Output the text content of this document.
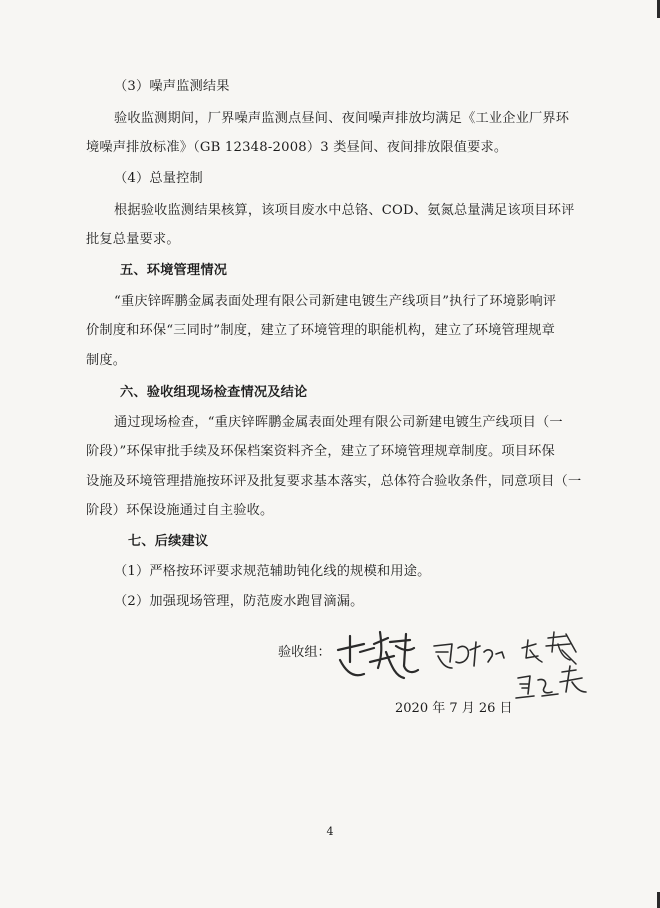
（3）噪声监测结果
验收监测期间，厂界噪声监测点昼间、夜间噪声排放均满足《工业企业厂界环
境噪声排放标准》（GB 12348-2008）3 类昼间、夜间排放限值要求。
（4）总量控制
根据验收监测结果核算，该项目废水中总铬、COD、氨氮总量满足该项目环评
批复总量要求。
五、环境管理情况
“重庆锌晖鹏金属表面处理有限公司新建电镀生产线项目”执行了环境影响评
价制度和环保“三同时”制度，建立了环境管理的职能机构，建立了环境管理规章
制度。
六、验收组现场检查情况及结论
通过现场检查，“重庆锌晖鹏金属表面处理有限公司新建电镀生产线项目（一
阶段）”环保审批手续及环保档案资料齐全，建立了环境管理规章制度。项目环保
设施及环境管理措施按环评及批复要求基本落实，总体符合验收条件，同意项目（一
阶段）环保设施通过自主验收。
七、后续建议
（1）严格按环评要求规范辅助钝化线的规模和用途。
（2）加强现场管理，防范废水跑冒滴漏。
验收组：
2020 年 7 月 26 日
4
